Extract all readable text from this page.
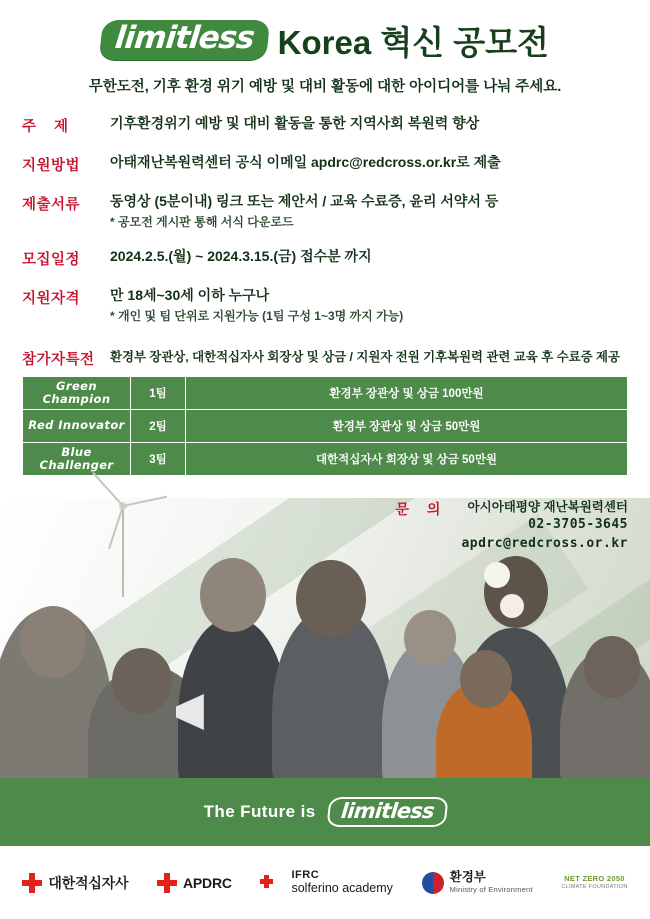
limitless Korea 혁신 공모전
무한도전, 기후 환경 위기 예방 및 대비 활동에 대한 아이디어를 나눠 주세요.
주 제	기후환경위기 예방 및 대비 활동을 통한 지역사회 복원력 향상
지원방법	아태재난복원력센터 공식 이메일 apdrc@redcross.or.kr로 제출
제출서류	동영상 (5분이내) 링크 또는 제안서 / 교육 수료증, 윤리 서약서 등
* 공모전 게시판 통해 서식 다운로드
모집일정	2024.2.5.(월) ~ 2024.3.15.(금) 접수분 까지
지원자격	만 18세~30세 이하 누구나
* 개인 및 팀 단위로 지원가능 (1팀 구성 1~3명 까지 가능)
참가자특전	환경부 장관상, 대한적십자사 회장상 및 상금 / 지원자 전원 기후복원력 관련 교육 후 수료증 제공
Green Champion	1팀	환경부 장관상 및 상금 100만원
Red Innovator	2팀	환경부 장관상 및 상금 50만원
Blue Challenger	3팀	대한적십자사 회장상 및 상금 50만원
문 의	아시아태평양 재난복원력센터
02-3705-3645
apdrc@redcross.or.kr
The Future is	limitless
대한적십자사	APDRC	IFRC
solferino academy
환경부
Ministry of Environment
NET ZERO 2050
CLIMATE FOUNDATION
